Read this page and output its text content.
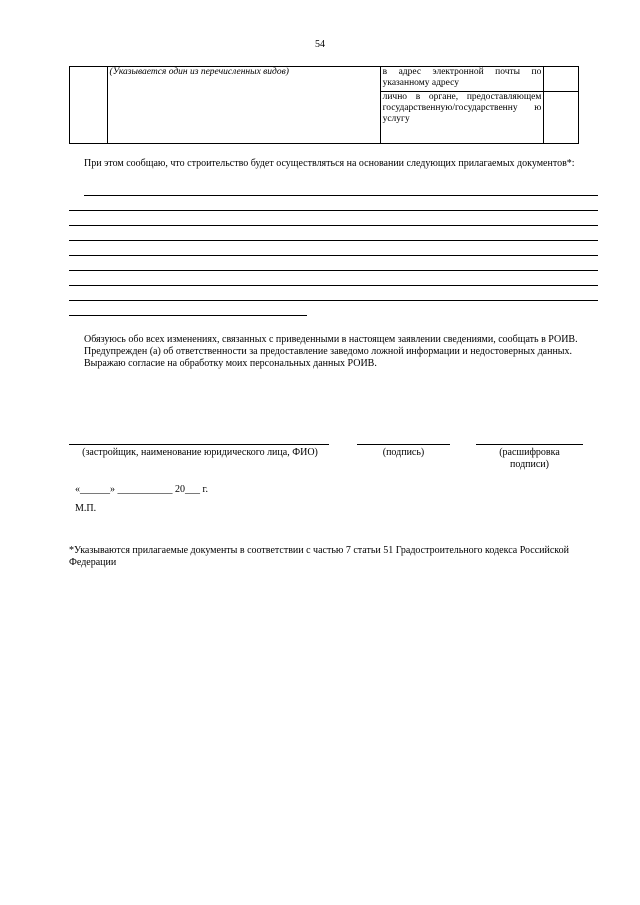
54
	(Указывается один из перечисленных видов)	в адрес электронной почты по указанному адресу	
		лично в органе, предоставляющем государственную/государственну ю услугу	
При этом сообщаю, что строительство будет осуществляться на основании следующих прилагаемых документов*:
Обязуюсь обо всех изменениях, связанных с приведенными в настоящем заявлении сведениями, сообщать в РОИВ.
Предупрежден (а) об ответственности за предоставление заведомо ложной информации и недостоверных данных.
Выражаю согласие на обработку моих персональных данных РОИВ.
(застройщик, наименование юридического лица, ФИО)	(подпись)	(расшифровка подписи)
«______» ___________ 20___ г.
М.П.
*Указываются прилагаемые документы в соответствии с частью 7 статьи 51 Градостроительного кодекса Российской Федерации
